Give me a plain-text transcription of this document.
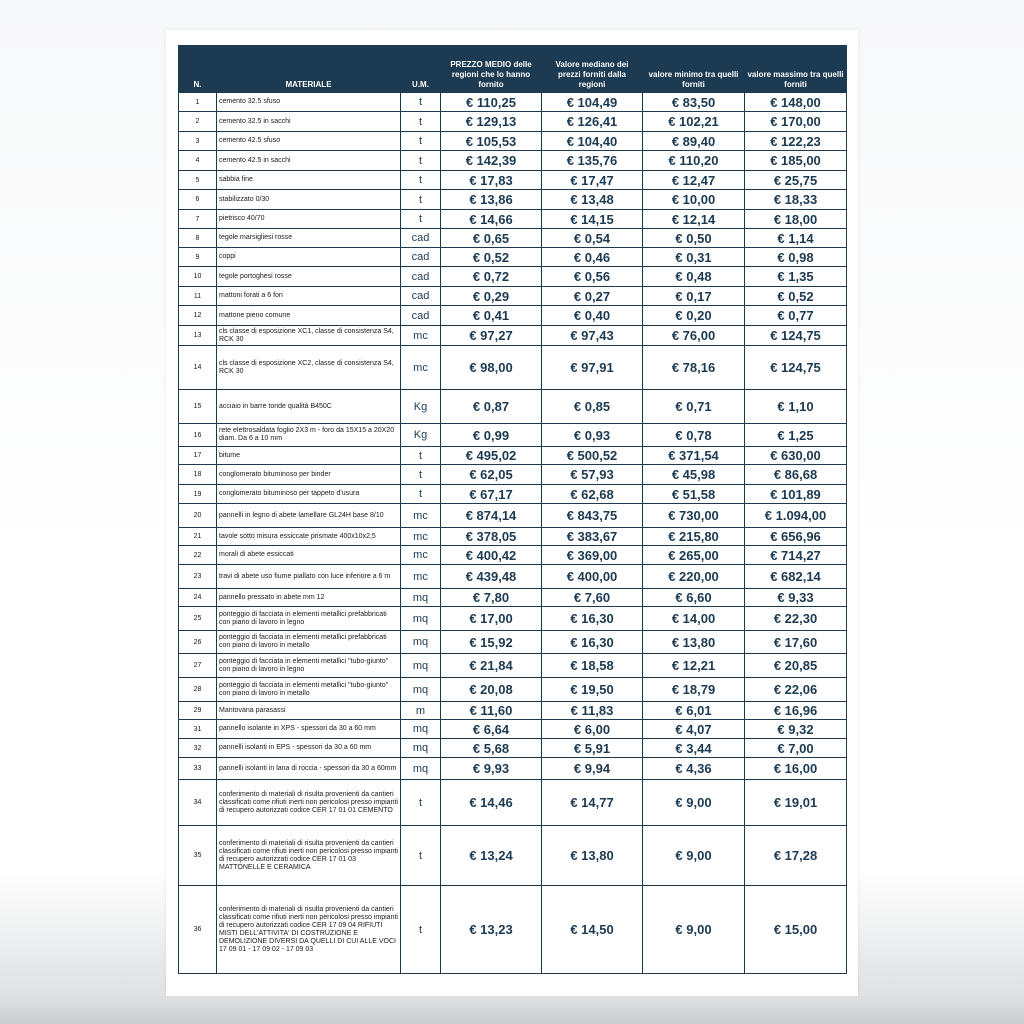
N.	MATERIALE	U.M.	PREZZO MEDIO delle regioni che lo hanno fornito	Valore mediano dei prezzi forniti dalla regioni	valore minimo tra quelli forniti	valore massimo tra quelli forniti
1	cemento 32.5 sfuso	t	€ 110,25	€ 104,49	€ 83,50	€ 148,00
2	cemento 32.5 in sacchi	t	€ 129,13	€ 126,41	€ 102,21	€ 170,00
3	cemento 42.5 sfuso	t	€ 105,53	€ 104,40	€ 89,40	€ 122,23
4	cemento 42.5 in sacchi	t	€ 142,39	€ 135,76	€ 110,20	€ 185,00
5	sabbia fine	t	€ 17,83	€ 17,47	€ 12,47	€ 25,75
6	stabilizzato 0/30	t	€ 13,86	€ 13,48	€ 10,00	€ 18,33
7	pietrisco 40/70	t	€ 14,66	€ 14,15	€ 12,14	€ 18,00
8	tegole marsigliesi rosse	cad	€ 0,65	€ 0,54	€ 0,50	€ 1,14
9	coppi	cad	€ 0,52	€ 0,46	€ 0,31	€ 0,98
10	tegole portoghesi rosse	cad	€ 0,72	€ 0,56	€ 0,48	€ 1,35
11	mattoni forati a 6 fori	cad	€ 0,29	€ 0,27	€ 0,17	€ 0,52
12	mattone pieno comune	cad	€ 0,41	€ 0,40	€ 0,20	€ 0,77
13	cls classe di esposizione XC1, classe di consistenza S4, RCK 30	mc	€ 97,27	€ 97,43	€ 76,00	€ 124,75
14	cls classe di esposizione XC2, classe di consistenza S4, RCK 30	mc	€ 98,00	€ 97,91	€ 78,16	€ 124,75
15	acciaio in barre tonde qualità B450C	Kg	€ 0,87	€ 0,85	€ 0,71	€ 1,10
16	rete elettrosaldata foglio 2X3 m - foro da 15X15 a 20X20 diam. Da 6 a 10 mm	Kg	€ 0,99	€ 0,93	€ 0,78	€ 1,25
17	bitume	t	€ 495,02	€ 500,52	€ 371,54	€ 630,00
18	conglomerato bituminoso per binder	t	€ 62,05	€ 57,93	€ 45,98	€ 86,68
19	conglomerato bituminoso per tappeto d'usura	t	€ 67,17	€ 62,68	€ 51,58	€ 101,89
20	pannelli in legno di abete lamellare GL24H base 8/10	mc	€ 874,14	€ 843,75	€ 730,00	€ 1.094,00
21	tavole sotto misura essiccate prismate 400x10x2,5	mc	€ 378,05	€ 383,67	€ 215,80	€ 656,96
22	morali di abete essiccati	mc	€ 400,42	€ 369,00	€ 265,00	€ 714,27
23	travi di abete uso fiume piallato con luce inferiore a 6 m	mc	€ 439,48	€ 400,00	€ 220,00	€ 682,14
24	pannello pressato in abete mm 12	mq	€ 7,80	€ 7,60	€ 6,60	€ 9,33
25	ponteggio di facciata in elementi metallici prefabbricati con piano di lavoro in legno	mq	€ 17,00	€ 16,30	€ 14,00	€ 22,30
26	ponteggio di facciata in elementi metallici prefabbricati con piano di lavoro in metallo	mq	€ 15,92	€ 16,30	€ 13,80	€ 17,60
27	ponteggio di facciata in elementi metallici "tubo-giunto" con piano di lavoro in legno	mq	€ 21,84	€ 18,58	€ 12,21	€ 20,85
28	ponteggio di facciata in elementi metallici "tubo-giunto" con piano di lavoro in metallo	mq	€ 20,08	€ 19,50	€ 18,79	€ 22,06
29	Mantovana parasassi	m	€ 11,60	€ 11,83	€ 6,01	€ 16,96
31	pannello isolante in XPS - spessori da 30 a 60 mm	mq	€ 6,64	€ 6,00	€ 4,07	€ 9,32
32	pannelli isolanti in EPS - spessori da 30 a 60 mm	mq	€ 5,68	€ 5,91	€ 3,44	€ 7,00
33	pannelli isolanti in lana di roccia - spessori da 30 a 60mm	mq	€ 9,93	€ 9,94	€ 4,36	€ 16,00
34	conferimento di materiali di risulta provenienti da cantieri classificati come rifiuti inerti non pericolosi presso impianti di recupero autorizzati codice CER 17 01 01 CEMENTO	t	€ 14,46	€ 14,77	€ 9,00	€ 19,01
35	conferimento di materiali di risulta provenienti da cantieri classificati come rifiuti inerti non pericolosi presso impianti di recupero autorizzati codice CER 17 01 03 MATTONELLE E CERAMICA	t	€ 13,24	€ 13,80	€ 9,00	€ 17,28
36	conferimento di materiali di risulta provenienti da cantieri classificati come rifiuti inerti non pericolosi presso impianti di recupero autorizzati codice CER 17 09 04 RIFIUTI MISTI DELL'ATTIVITA' DI COSTRUZIONE E DEMOLIZIONE DIVERSI DA QUELLI DI CUI ALLE VOCI 17 09 01 - 17 09 02 - 17 09 03	t	€ 13,23	€ 14,50	€ 9,00	€ 15,00
